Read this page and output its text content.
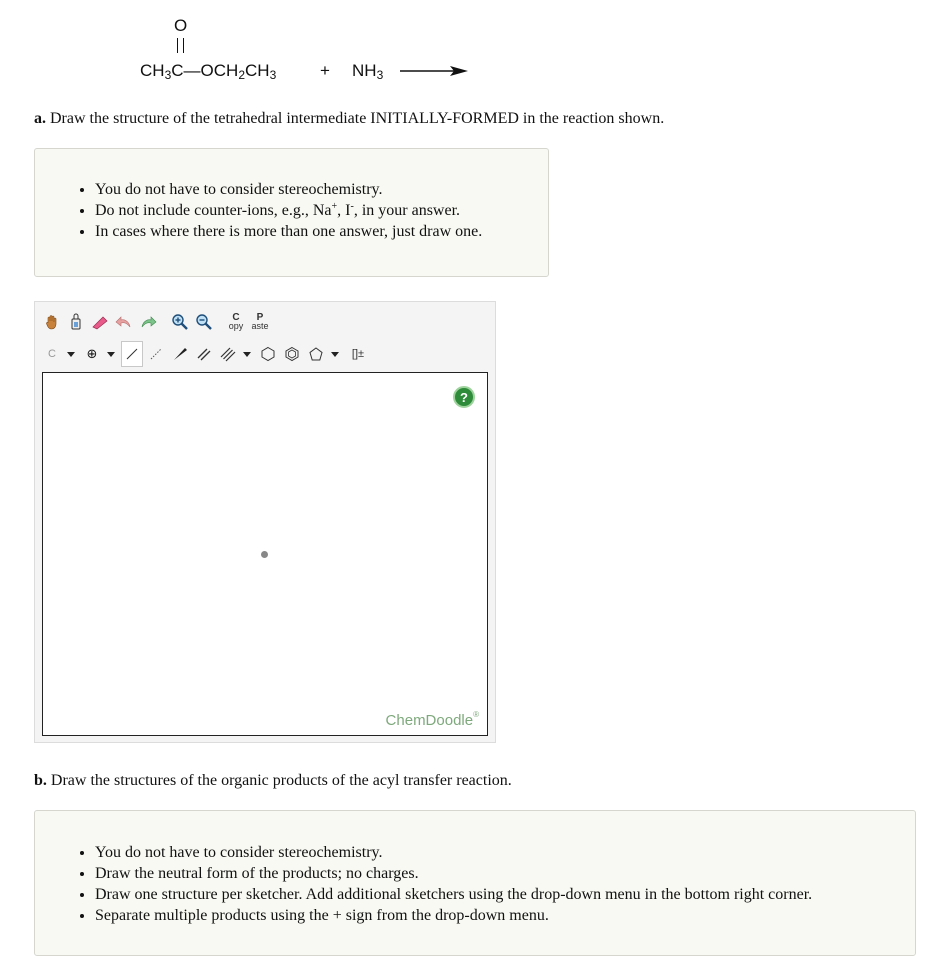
O
$CH_3C—OCH_2CH_3$	+ $NH_3$
a. Draw the structure of the tetrahedral intermediate INITIALLY-FORMED in the reaction shown.
• You do not have to consider stereochemistry.
• Do not include counter-ions, e.g., Na+, I-, in your answer.
• In cases where there is more than one answer, just draw one.
C
opy
P
aste
C	⊕	[]±
?
ChemDoodle®
b. Draw the structures of the organic products of the acyl transfer reaction.
• You do not have to consider stereochemistry.
• Draw the neutral form of the products; no charges.
• Draw one structure per sketcher. Add additional sketchers using the drop-down menu in the bottom right corner.
• Separate multiple products using the + sign from the drop-down menu.
